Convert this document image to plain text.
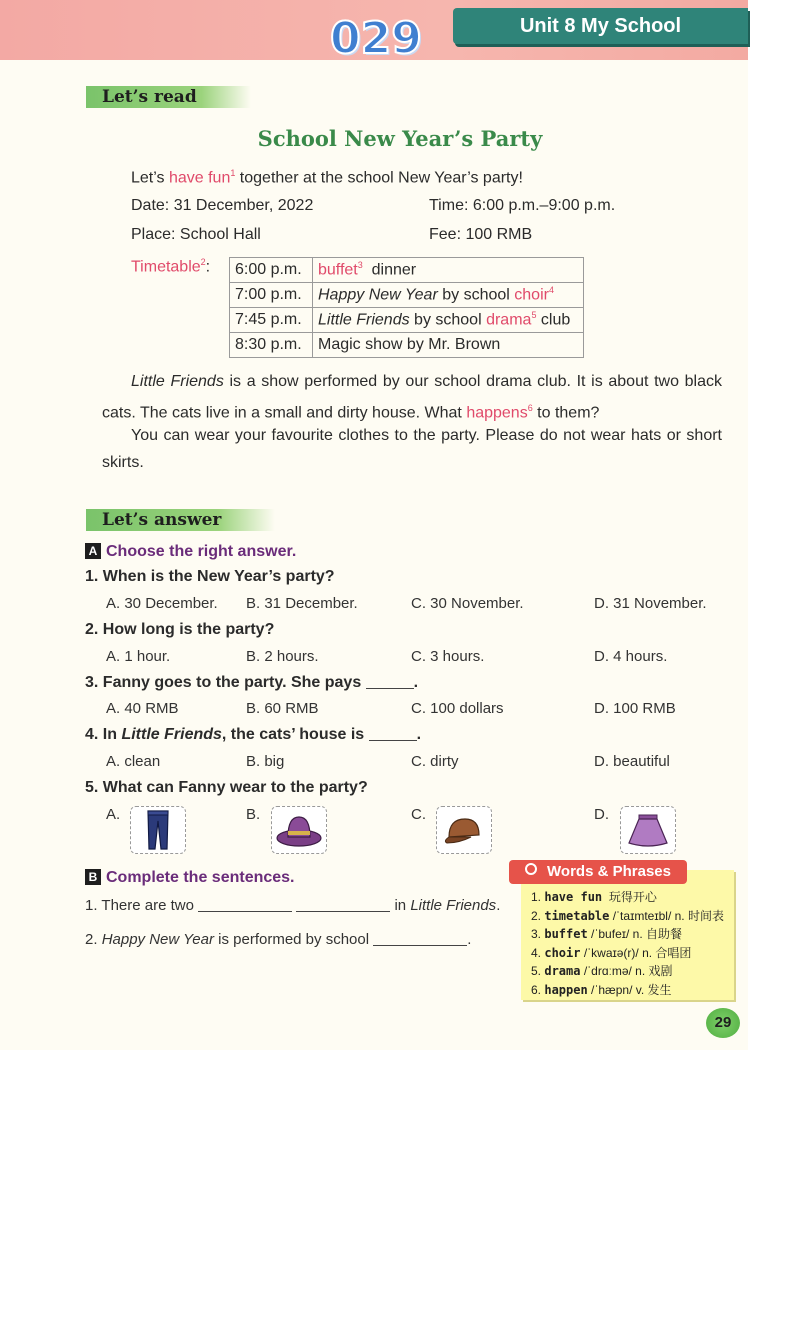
029	Unit 8 My School
Let’s read
School New Year’s Party
Let’s have fun$^1$ together at the school New Year’s party!
Date: 31 December, 2022	Time: 6:00 p.m.–9:00 p.m.
Place: School Hall	Fee: 100 RMB
Timetable$^2$: 6:00 p.m.	buffet$^3$  dinner
7:00 p.m.	Happy New Year by school choir$^4$
7:45 p.m.	Little Friends by school drama$^5$ club
8:30 p.m.	Magic show by Mr. Brown
Little Friends is a show performed by our school drama club. It is about two black cats. The cats live in a small and dirty house. What happens$^6$ to them?
You can wear your favourite clothes to the party. Please do not wear hats or short skirts.
Let’s answer
A Choose the right answer.
1. When is the New Year’s party?
A. 30 December. B. 31 December.	C. 30 November.	D. 31 November.
2. How long is the party?
A. 1 hour.	B. 2 hours.	C. 3 hours.	D. 4 hours.
3. Fanny goes to the party. She pays	.
A. 40 RMB	B. 60 RMB	C. 100 dollars	D. 100 RMB
4. In Little Friends, the cats’ house is	.
A. clean	B. big	C. dirty	D. beautiful
5. What can Fanny wear to the party?
A.	B.	C.	D.
B Complete the sentences.
1. There are two	in Little Friends.
2. Happy New Year is performed by school	.
Words & Phrases
1. have fun  玩得开心
2. timetable /ˈtaɪmteɪbl/ n. 时间表
3. buffet /ˈbufeɪ/ n. 自助餐
4. choir /ˈkwaɪə(r)/ n. 合唱团
5. drama /ˈdrɑːmə/ n. 戏剧
6. happen /ˈhæpn/ v. 发生
29
